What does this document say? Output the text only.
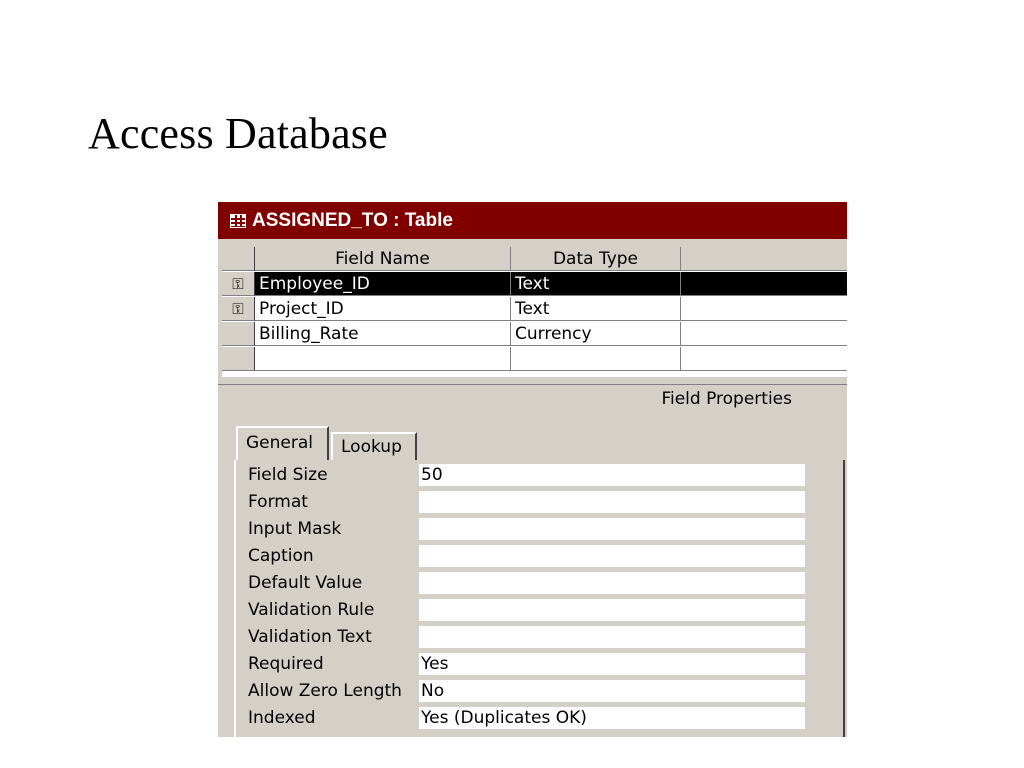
Access Database
ASSIGNED_TO : Table
Field Name	Data Type
⚿ Employee_ID	Text
⚿ Project_ID	Text
Billing_Rate	Currency
Field Properties
General	Lookup
Field Size	50
Format
Input Mask
Caption
Default Value
Validation Rule
Validation Text
Required	Yes
Allow Zero Length No
Indexed	Yes (Duplicates OK)
